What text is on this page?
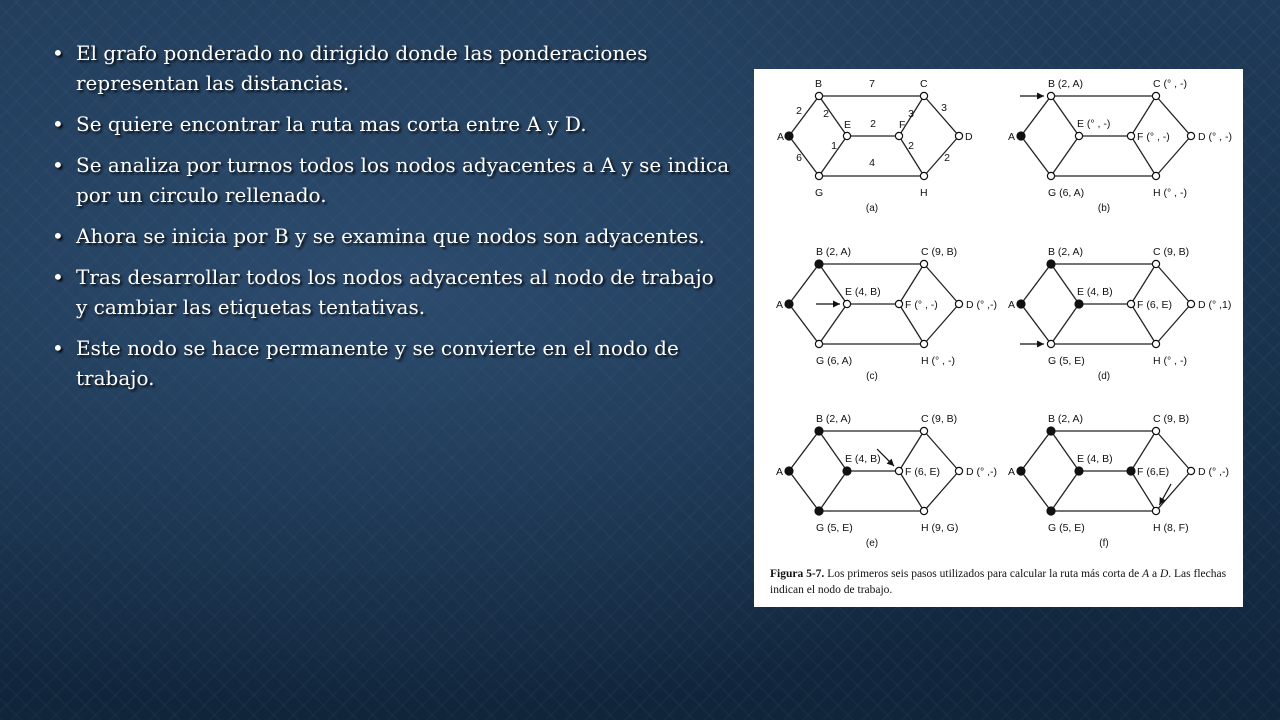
• El grafo ponderado no dirigido donde las ponderaciones representan las distancias.
• Se quiere encontrar la ruta mas corta entre A y D.
• Se analiza por turnos todos los nodos adyacentes a A y se indica por un circulo rellenado.
• Ahora se inicia por B y se examina que nodos son adyacentes.
• Tras desarrollar todos los nodos adyacentes al nodo de trabajo y cambiar las etiquetas tentativas.
• Este nodo se hace permanente y se convierte en el nodo de trabajo.
A
B	C
D
E	F
G	H
2
7
3
2
2
3
6
1
4
2
2
(a)
A
B (2, A)	C (° , -)
D (° , -)
E (° , -)
F (° , -)
G (6, A)	H (° , -)
(b)
A
B (2, A)	C (9, B)
D (° ,-)
E (4, B)
F (° , -)
G (6, A)	H (° , -)
(c)
A
B (2, A)	C (9, B)
D (° ,1)
E (4, B)
F (6, E)
G (5, E)	H (° , -)
(d)
A
B (2, A)	C (9, B)
D (° ,-)
E (4, B)
F (6, E)
G (5, E)	H (9, G)
(e)
A
B (2, A)	C (9, B)
D (° ,-)
E (4, B)
F (6,E)
G (5, E)	H (8, F)
(f)
Figura 5-7. Los primeros seis pasos utilizados para calcular la ruta más corta de A a D. Las flechas indican el nodo de trabajo.
